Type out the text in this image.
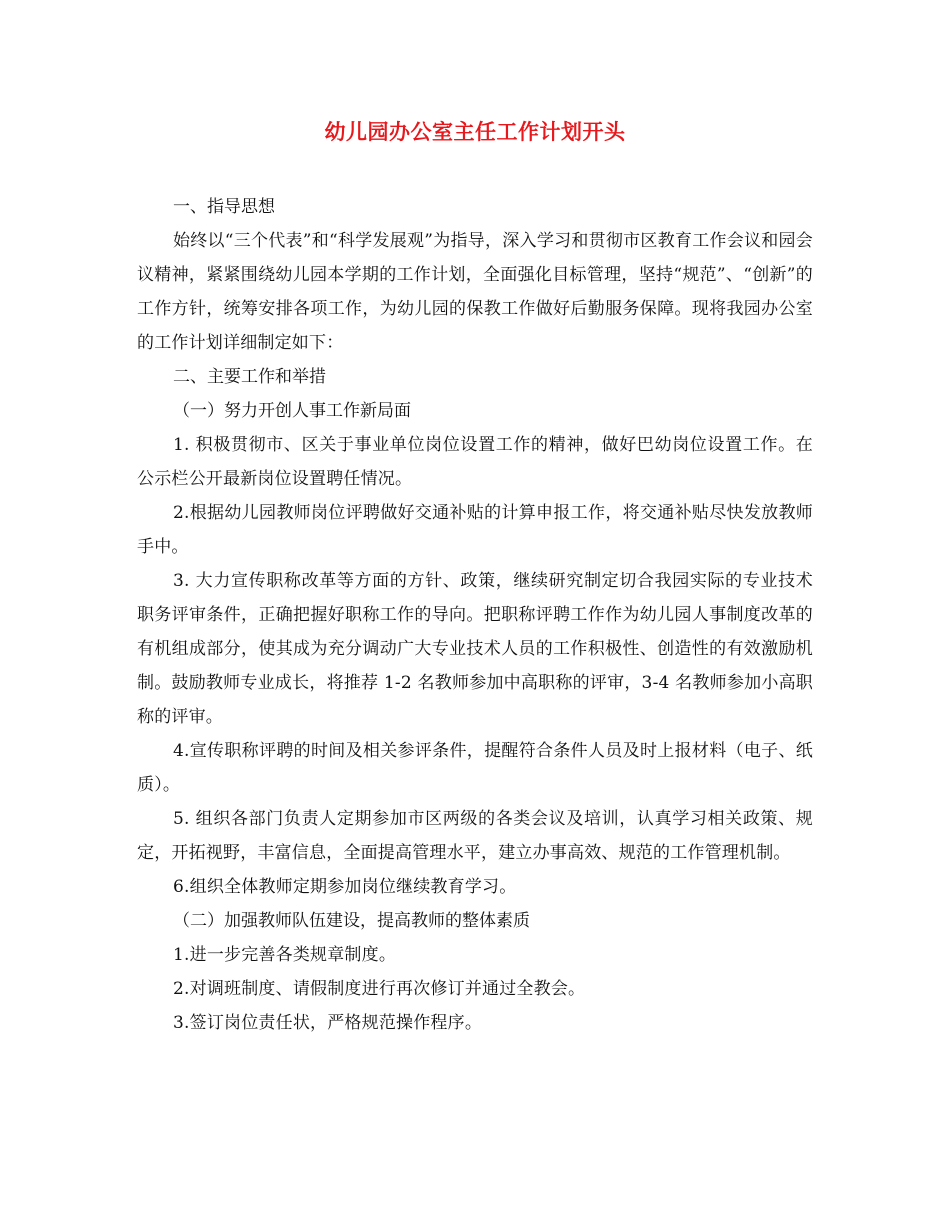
幼儿园办公室主任工作计划开头

一、指导思想

始终以“三个代表”和“科学发展观”为指导，深入学习和贯彻市区教育工作会议和园会议精神，紧紧围绕幼儿园本学期的工作计划，全面强化目标管理，坚持“规范”、“创新”的工作方针，统筹安排各项工作，为幼儿园的保教工作做好后勤服务保障。现将我园办公室的工作计划详细制定如下：

二、主要工作和举措

（一）努力开创人事工作新局面

1. 积极贯彻市、区关于事业单位岗位设置工作的精神，做好巴幼岗位设置工作。在公示栏公开最新岗位设置聘任情况。

2.根据幼儿园教师岗位评聘做好交通补贴的计算申报工作，将交通补贴尽快发放教师手中。

3. 大力宣传职称改革等方面的方针、政策，继续研究制定切合我园实际的专业技术职务评审条件，正确把握好职称工作的导向。把职称评聘工作作为幼儿园人事制度改革的有机组成部分，使其成为充分调动广大专业技术人员的工作积极性、创造性的有效激励机制。鼓励教师专业成长，将推荐 1-2 名教师参加中高职称的评审，3-4 名教师参加小高职称的评审。

4.宣传职称评聘的时间及相关参评条件，提醒符合条件人员及时上报材料（电子、纸质）。

5. 组织各部门负责人定期参加市区两级的各类会议及培训，认真学习相关政策、规定，开拓视野，丰富信息，全面提高管理水平，建立办事高效、规范的工作管理机制。

6.组织全体教师定期参加岗位继续教育学习。

（二）加强教师队伍建设，提高教师的整体素质

1.进一步完善各类规章制度。

2.对调班制度、请假制度进行再次修订并通过全教会。

3.签订岗位责任状，严格规范操作程序。
